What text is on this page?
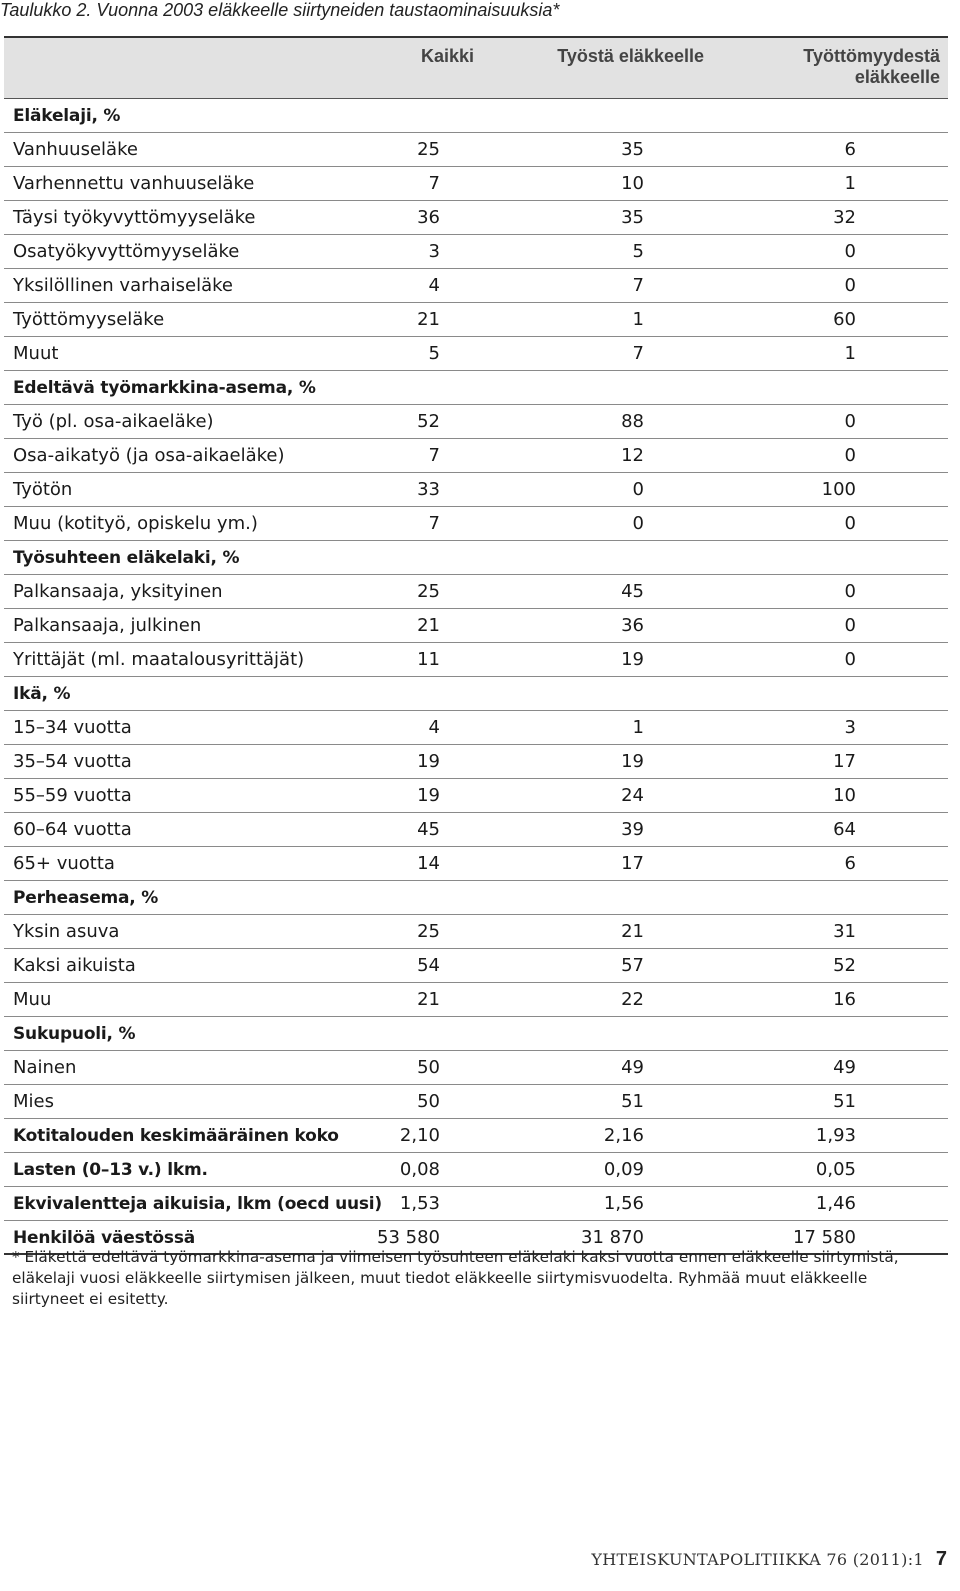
Taulukko 2. Vuonna 2003 eläkkeelle siirtyneiden taustaominaisuuksia*
Kaikki	Työstä eläkkeelle	Työttömyydestä eläkkeelle
Eläkelaji, %
Vanhuuseläke	25	35	6
Varhennettu vanhuuseläke	7	10	1
Täysi työkyvyttömyyseläke	36	35	32
Osatyökyvyttömyyseläke	3	5	0
Yksilöllinen varhaiseläke	4	7	0
Työttömyyseläke	21	1	60
Muut	5	7	1
Edeltävä työmarkkina-asema, %
Työ (pl. osa-aikaeläke)	52	88	0
Osa-aikatyö (ja osa-aikaeläke)	7	12	0
Työtön	33	0	100
Muu (kotityö, opiskelu ym.)	7	0	0
Työsuhteen eläkelaki, %
Palkansaaja, yksityinen	25	45	0
Palkansaaja, julkinen	21	36	0
Yrittäjät (ml. maatalousyrittäjät)	11	19	0
Ikä, %
15–34 vuotta	4	1	3
35–54 vuotta	19	19	17
55–59 vuotta	19	24	10
60–64 vuotta	45	39	64
65+ vuotta	14	17	6
Perheasema, %
Yksin asuva	25	21	31
Kaksi aikuista	54	57	52
Muu	21	22	16
Sukupuoli, %
Nainen	50	49	49
Mies	50	51	51
Kotitalouden keskimääräinen koko	2,10	2,16	1,93
Lasten (0–13 v.) lkm.	0,08	0,09	0,05
Ekvivalentteja aikuisia, lkm (oecd uusi) 1,53	1,56	1,46
Henkilöä väestössä	53 580	31 870	17 580
* Eläkettä edeltävä työmarkkina-asema ja viimeisen työsuhteen eläkelaki kaksi vuotta ennen eläkkeelle siirtymistä, eläkelaji vuosi eläkkeelle siirtymisen jälkeen, muut tiedot eläkkeelle siirtymisvuodelta. Ryhmää muut eläkkeelle siirtyneet ei esitetty.
YHTEISKUNTAPOLITIIKKA 76 (2011):1 7
